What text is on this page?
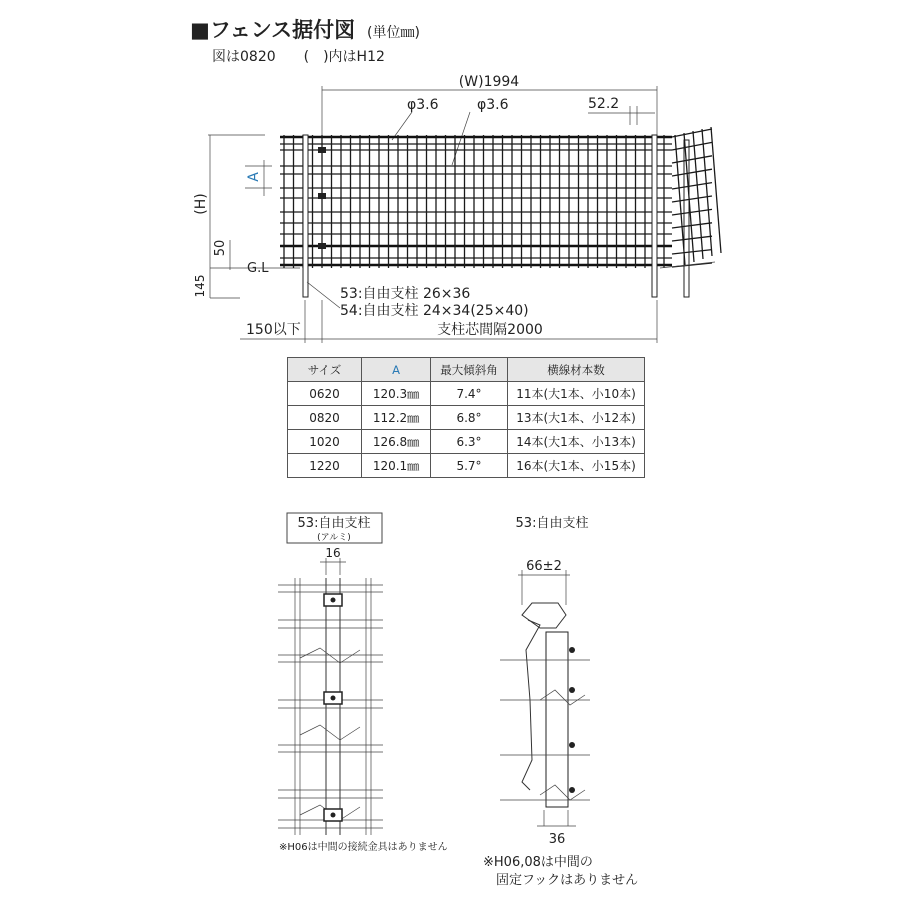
■フェンス据付図 (単位㎜)
図は0820　　(　)内はH12
(W)1994
φ3.6	φ3.6	52.2
(H)
A
50
G.L
145	53:自由支柱 26×36
54:自由支柱 24×34(25×40)
支柱芯間隔2000
150以下
53:自由支柱
(アルミ)
16
※H06は中間の接続金具はありません
53:自由支柱
66±2
36
※H06,08は中間の
固定フックはありません
サイズ	A	最大傾斜角	横線材本数
0620	120.3㎜	7.4°	11本(大1本、小10本)
0820	112.2㎜	6.8°	13本(大1本、小12本)
1020	126.8㎜	6.3°	14本(大1本、小13本)
1220	120.1㎜	5.7°	16本(大1本、小15本)
